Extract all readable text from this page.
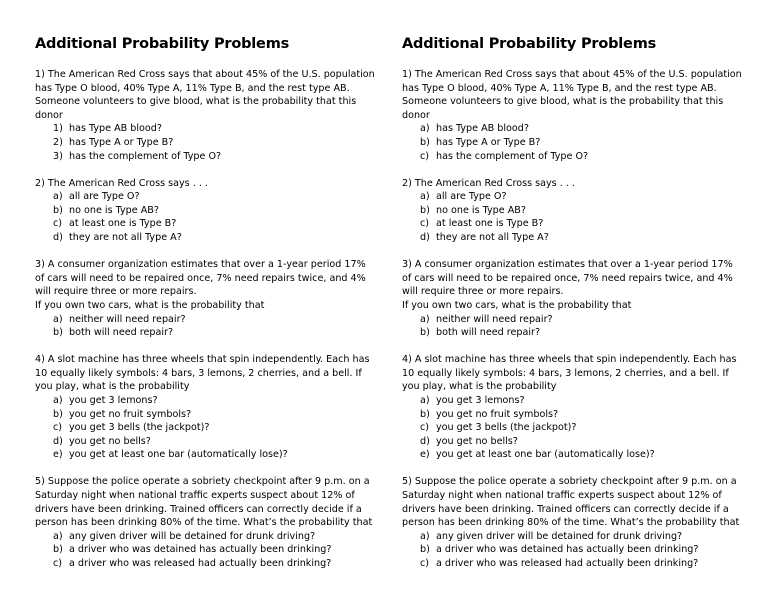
Additional Probability Problems
1) The American Red Cross says that about 45% of the U.S. population has Type O blood, 40% Type A, 11% Type B, and the rest type AB. Someone volunteers to give blood, what is the probability that this donor
1) has Type AB blood?
2) has Type A or Type B?
3) has the complement of Type O?
2) The American Red Cross says . . .
a) all are Type O?
b) no one is Type AB?
c) at least one is Type B?
d) they are not all Type A?
3) A consumer organization estimates that over a 1-year period 17% of cars will need to be repaired once, 7% need repairs twice, and 4% will require three or more repairs.
If you own two cars, what is the probability that
a) neither will need repair?
b) both will need repair?
4) A slot machine has three wheels that spin independently. Each has 10 equally likely symbols: 4 bars, 3 lemons, 2 cherries, and a bell. If you play, what is the probability
a) you get 3 lemons?
b) you get no fruit symbols?
c) you get 3 bells (the jackpot)?
d) you get no bells?
e) you get at least one bar (automatically lose)?
5) Suppose the police operate a sobriety checkpoint after 9 p.m. on a Saturday night when national traffic experts suspect about 12% of drivers have been drinking. Trained officers can correctly decide if a person has been drinking 80% of the time. What’s the probability that
a) any given driver will be detained for drunk driving?
b) a driver who was detained has actually been drinking?
c) a driver who was released had actually been drinking?
Additional Probability Problems
1) The American Red Cross says that about 45% of the U.S. population has Type O blood, 40% Type A, 11% Type B, and the rest type AB. Someone volunteers to give blood, what is the probability that this donor
a) has Type AB blood?
b) has Type A or Type B?
c) has the complement of Type O?
2) The American Red Cross says . . .
a) all are Type O?
b) no one is Type AB?
c) at least one is Type B?
d) they are not all Type A?
3) A consumer organization estimates that over a 1-year period 17% of cars will need to be repaired once, 7% need repairs twice, and 4% will require three or more repairs.
If you own two cars, what is the probability that
a) neither will need repair?
b) both will need repair?
4) A slot machine has three wheels that spin independently. Each has 10 equally likely symbols: 4 bars, 3 lemons, 2 cherries, and a bell. If you play, what is the probability
a) you get 3 lemons?
b) you get no fruit symbols?
c) you get 3 bells (the jackpot)?
d) you get no bells?
e) you get at least one bar (automatically lose)?
5) Suppose the police operate a sobriety checkpoint after 9 p.m. on a Saturday night when national traffic experts suspect about 12% of drivers have been drinking. Trained officers can correctly decide if a person has been drinking 80% of the time. What’s the probability that
a) any given driver will be detained for drunk driving?
b) a driver who was detained has actually been drinking?
c) a driver who was released had actually been drinking?
